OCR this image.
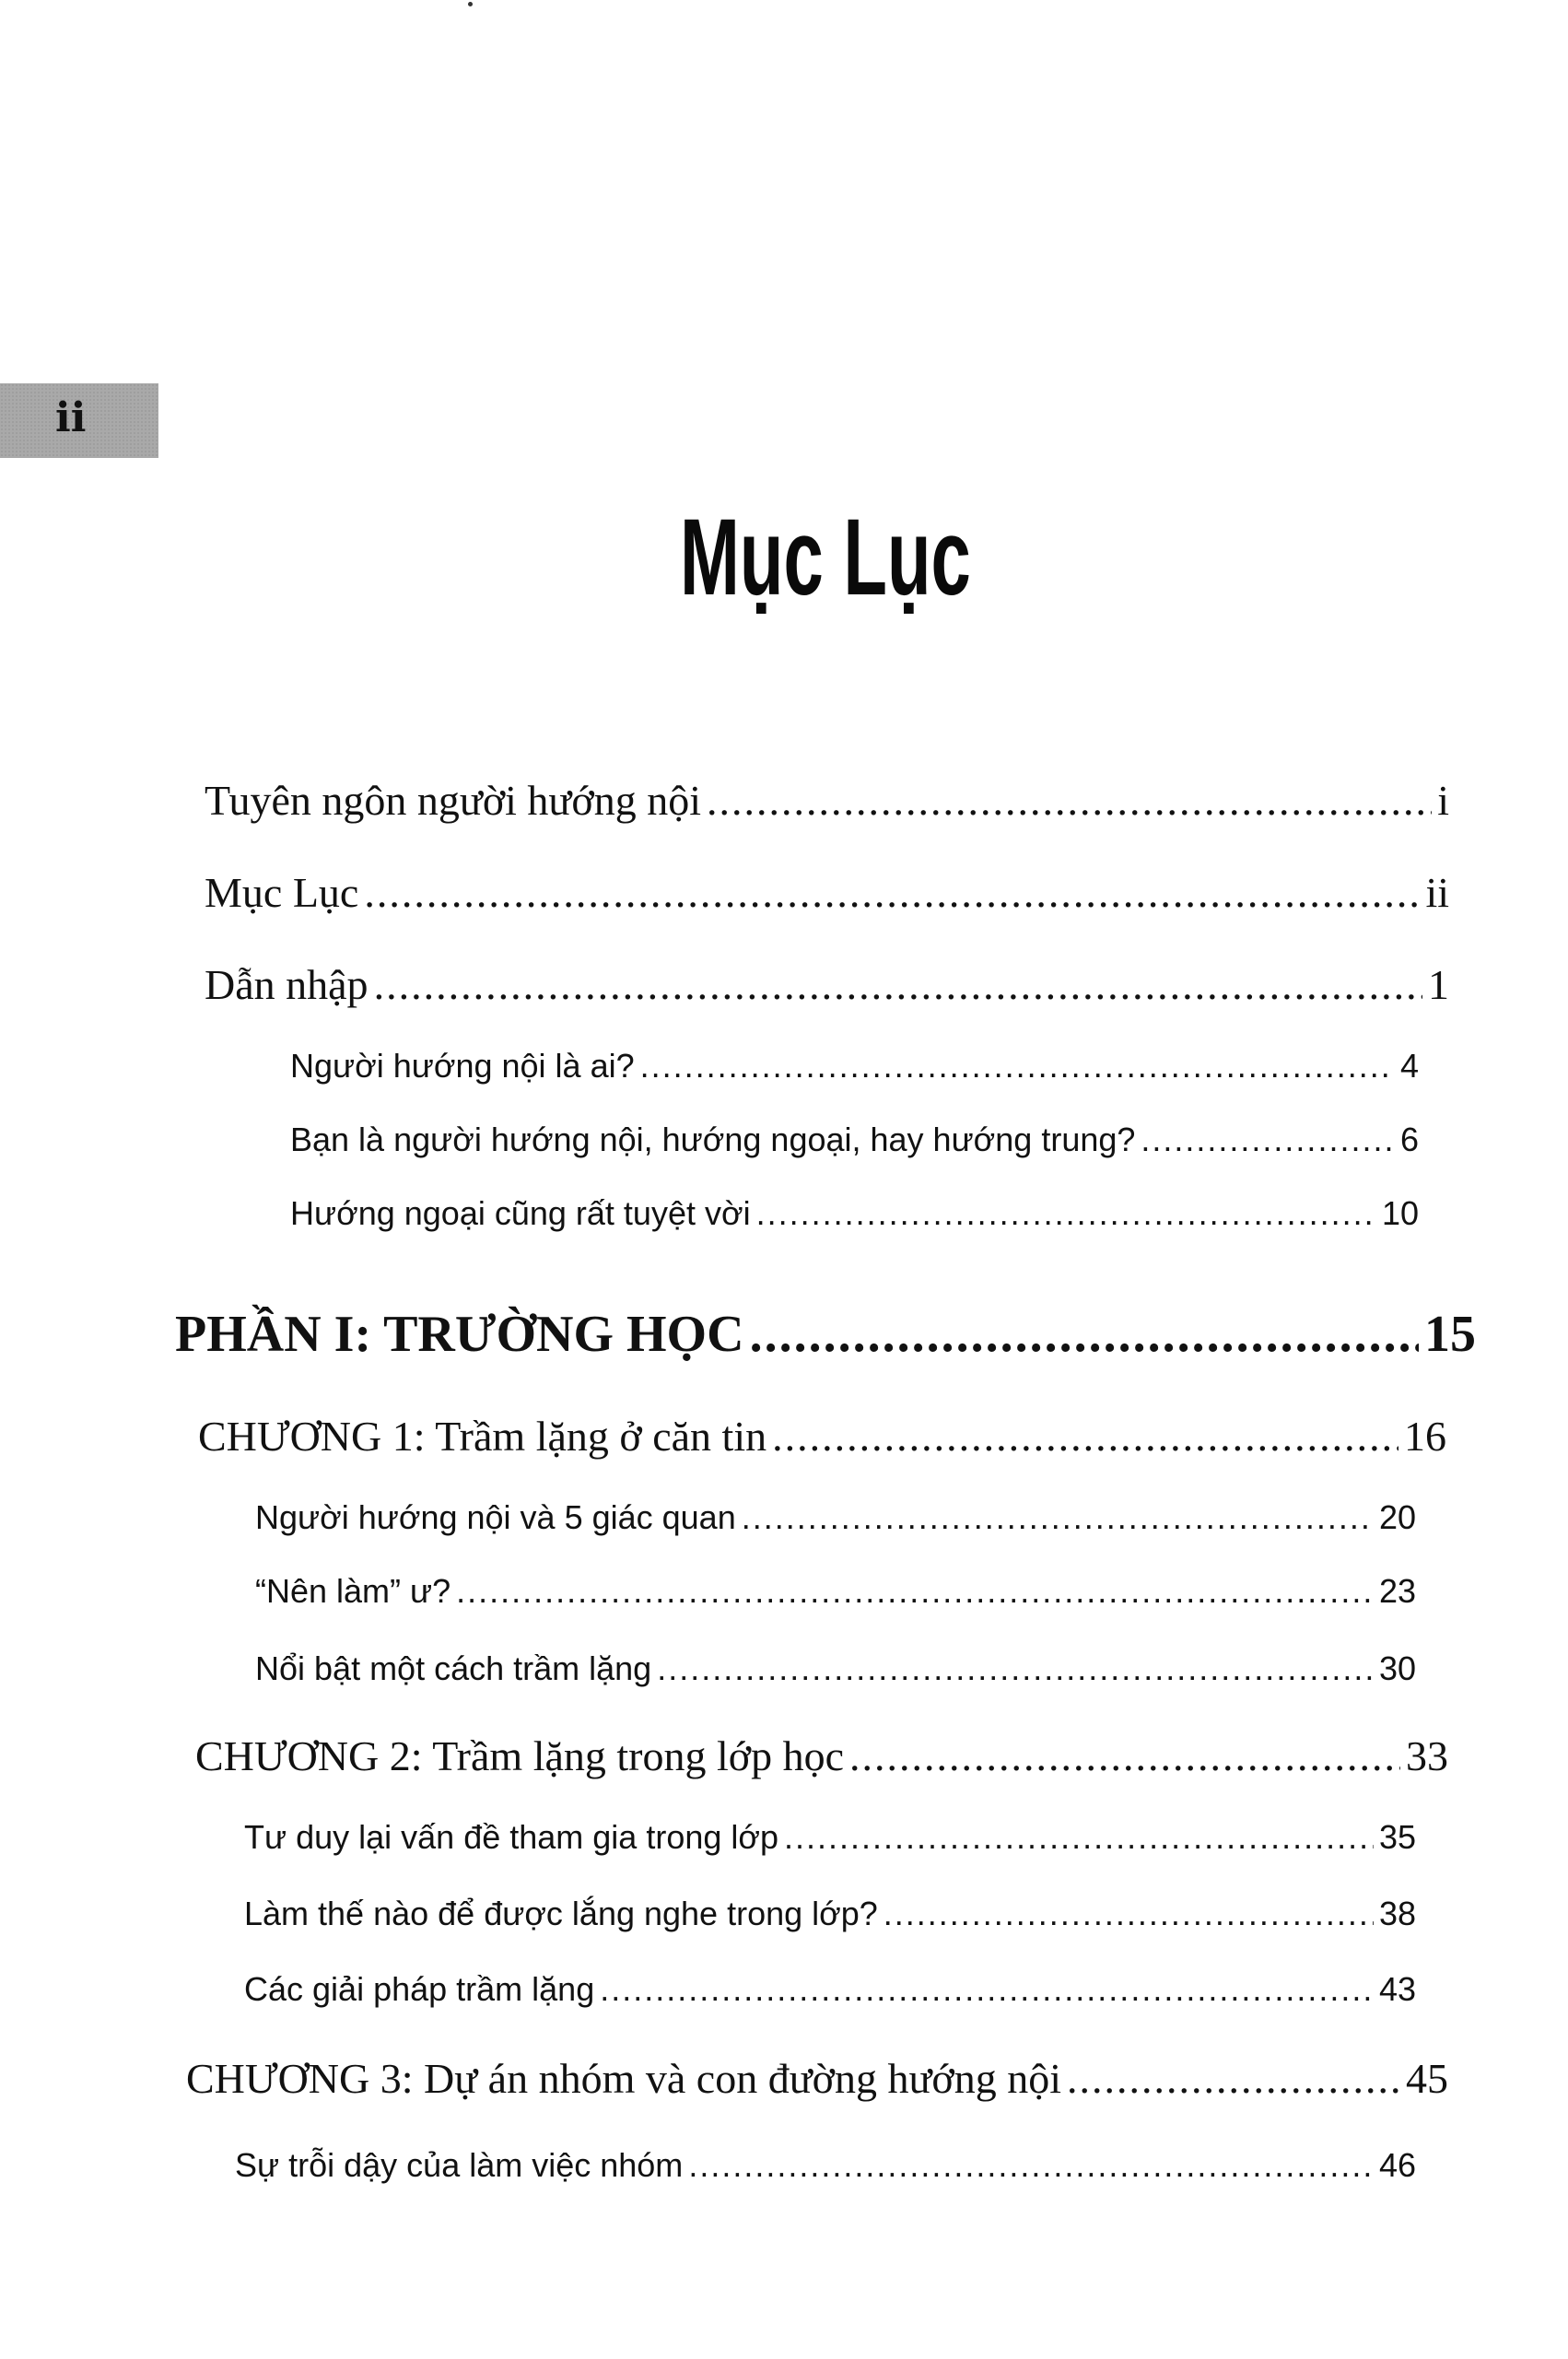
ii
Mục Lục
Tuyên ngôn người hướng nội .....	i
Mục Lục .....	ii
Dẫn nhập .....	1
Người hướng nội là ai? .....	4
Bạn là người hướng nội, hướng ngoại, hay hướng trung? .....	6
Hướng ngoại cũng rất tuyệt vời .....	10
PHẦN I: TRƯỜNG HỌC .....	15
CHƯƠNG 1: Trầm lặng ở căn tin .....	16
Người hướng nội và 5 giác quan .....	20
“Nên làm” ư? .....	23
Nổi bật một cách trầm lặng .....	30
CHƯƠNG 2: Trầm lặng trong lớp học .....	33
Tư duy lại vấn đề tham gia trong lớp .....	35
Làm thế nào để được lắng nghe trong lớp? .....	38
Các giải pháp trầm lặng .....	43
CHƯƠNG 3: Dự án nhóm và con đường hướng nội .....	45
Sự trỗi dậy của làm việc nhóm .....	46
